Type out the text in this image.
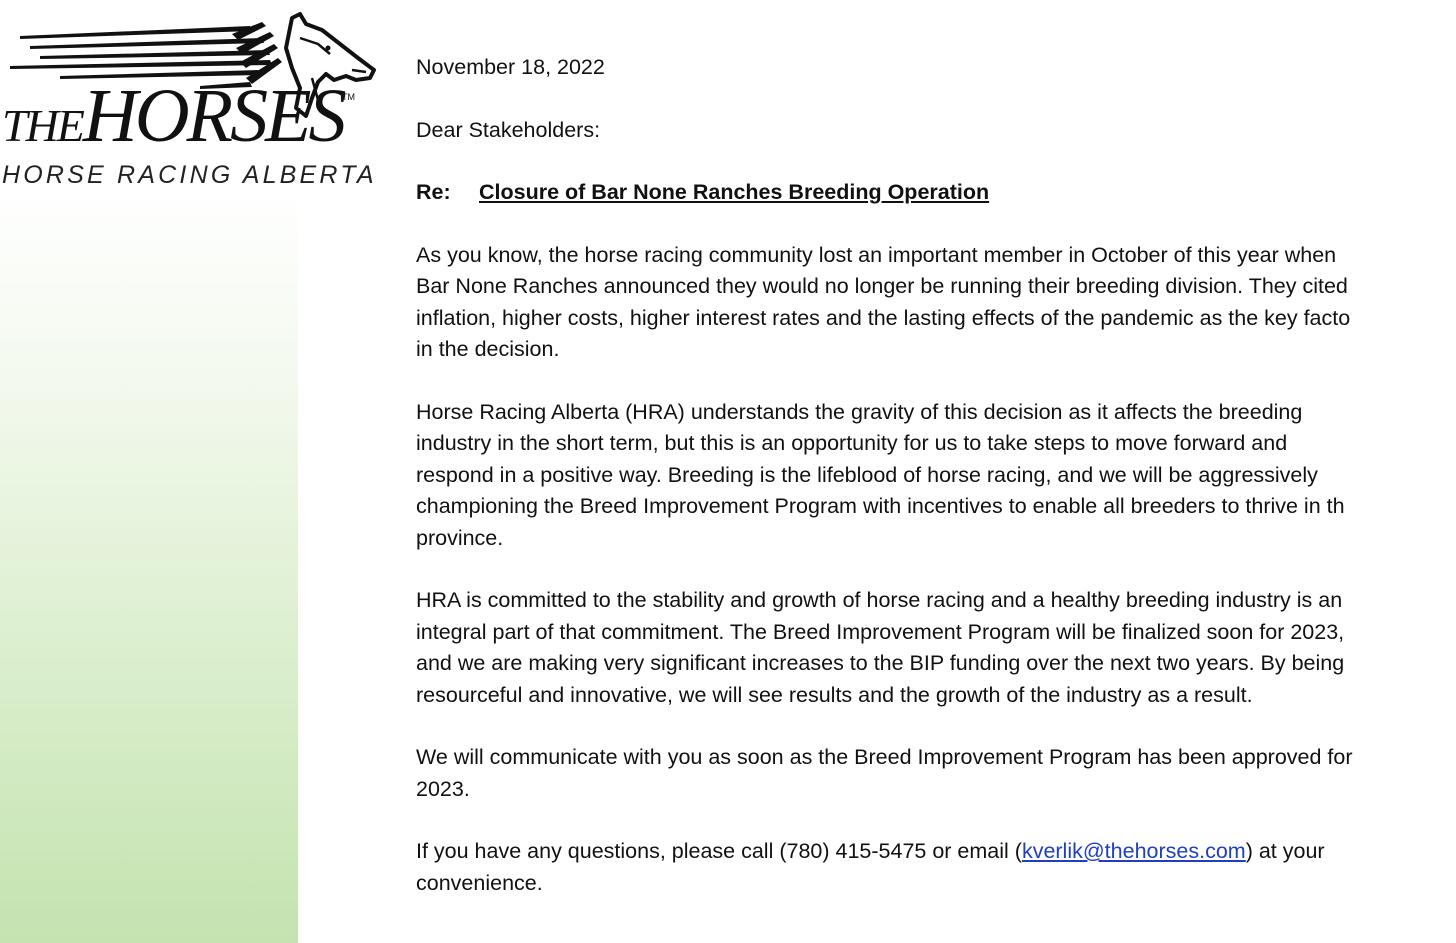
THEHORSES
TM
HORSE RACING ALBERTA

November 18, 2022

Dear Stakeholders:

Re: Closure of Bar None Ranches Breeding Operation

As you know, the horse racing community lost an important member in October of this year when
Bar None Ranches announced they would no longer be running their breeding division. They cited
inflation, higher costs, higher interest rates and the lasting effects of the pandemic as the key facto
in the decision.

Horse Racing Alberta (HRA) understands the gravity of this decision as it affects the breeding
industry in the short term, but this is an opportunity for us to take steps to move forward and
respond in a positive way. Breeding is the lifeblood of horse racing, and we will be aggressively
championing the Breed Improvement Program with incentives to enable all breeders to thrive in th
province.

HRA is committed to the stability and growth of horse racing and a healthy breeding industry is an
integral part of that commitment. The Breed Improvement Program will be finalized soon for 2023,
and we are making very significant increases to the BIP funding over the next two years. By being
resourceful and innovative, we will see results and the growth of the industry as a result.

We will communicate with you as soon as the Breed Improvement Program has been approved for
2023.

If you have any questions, please call (780) 415-5475 or email (kverlik@thehorses.com) at your
convenience.
